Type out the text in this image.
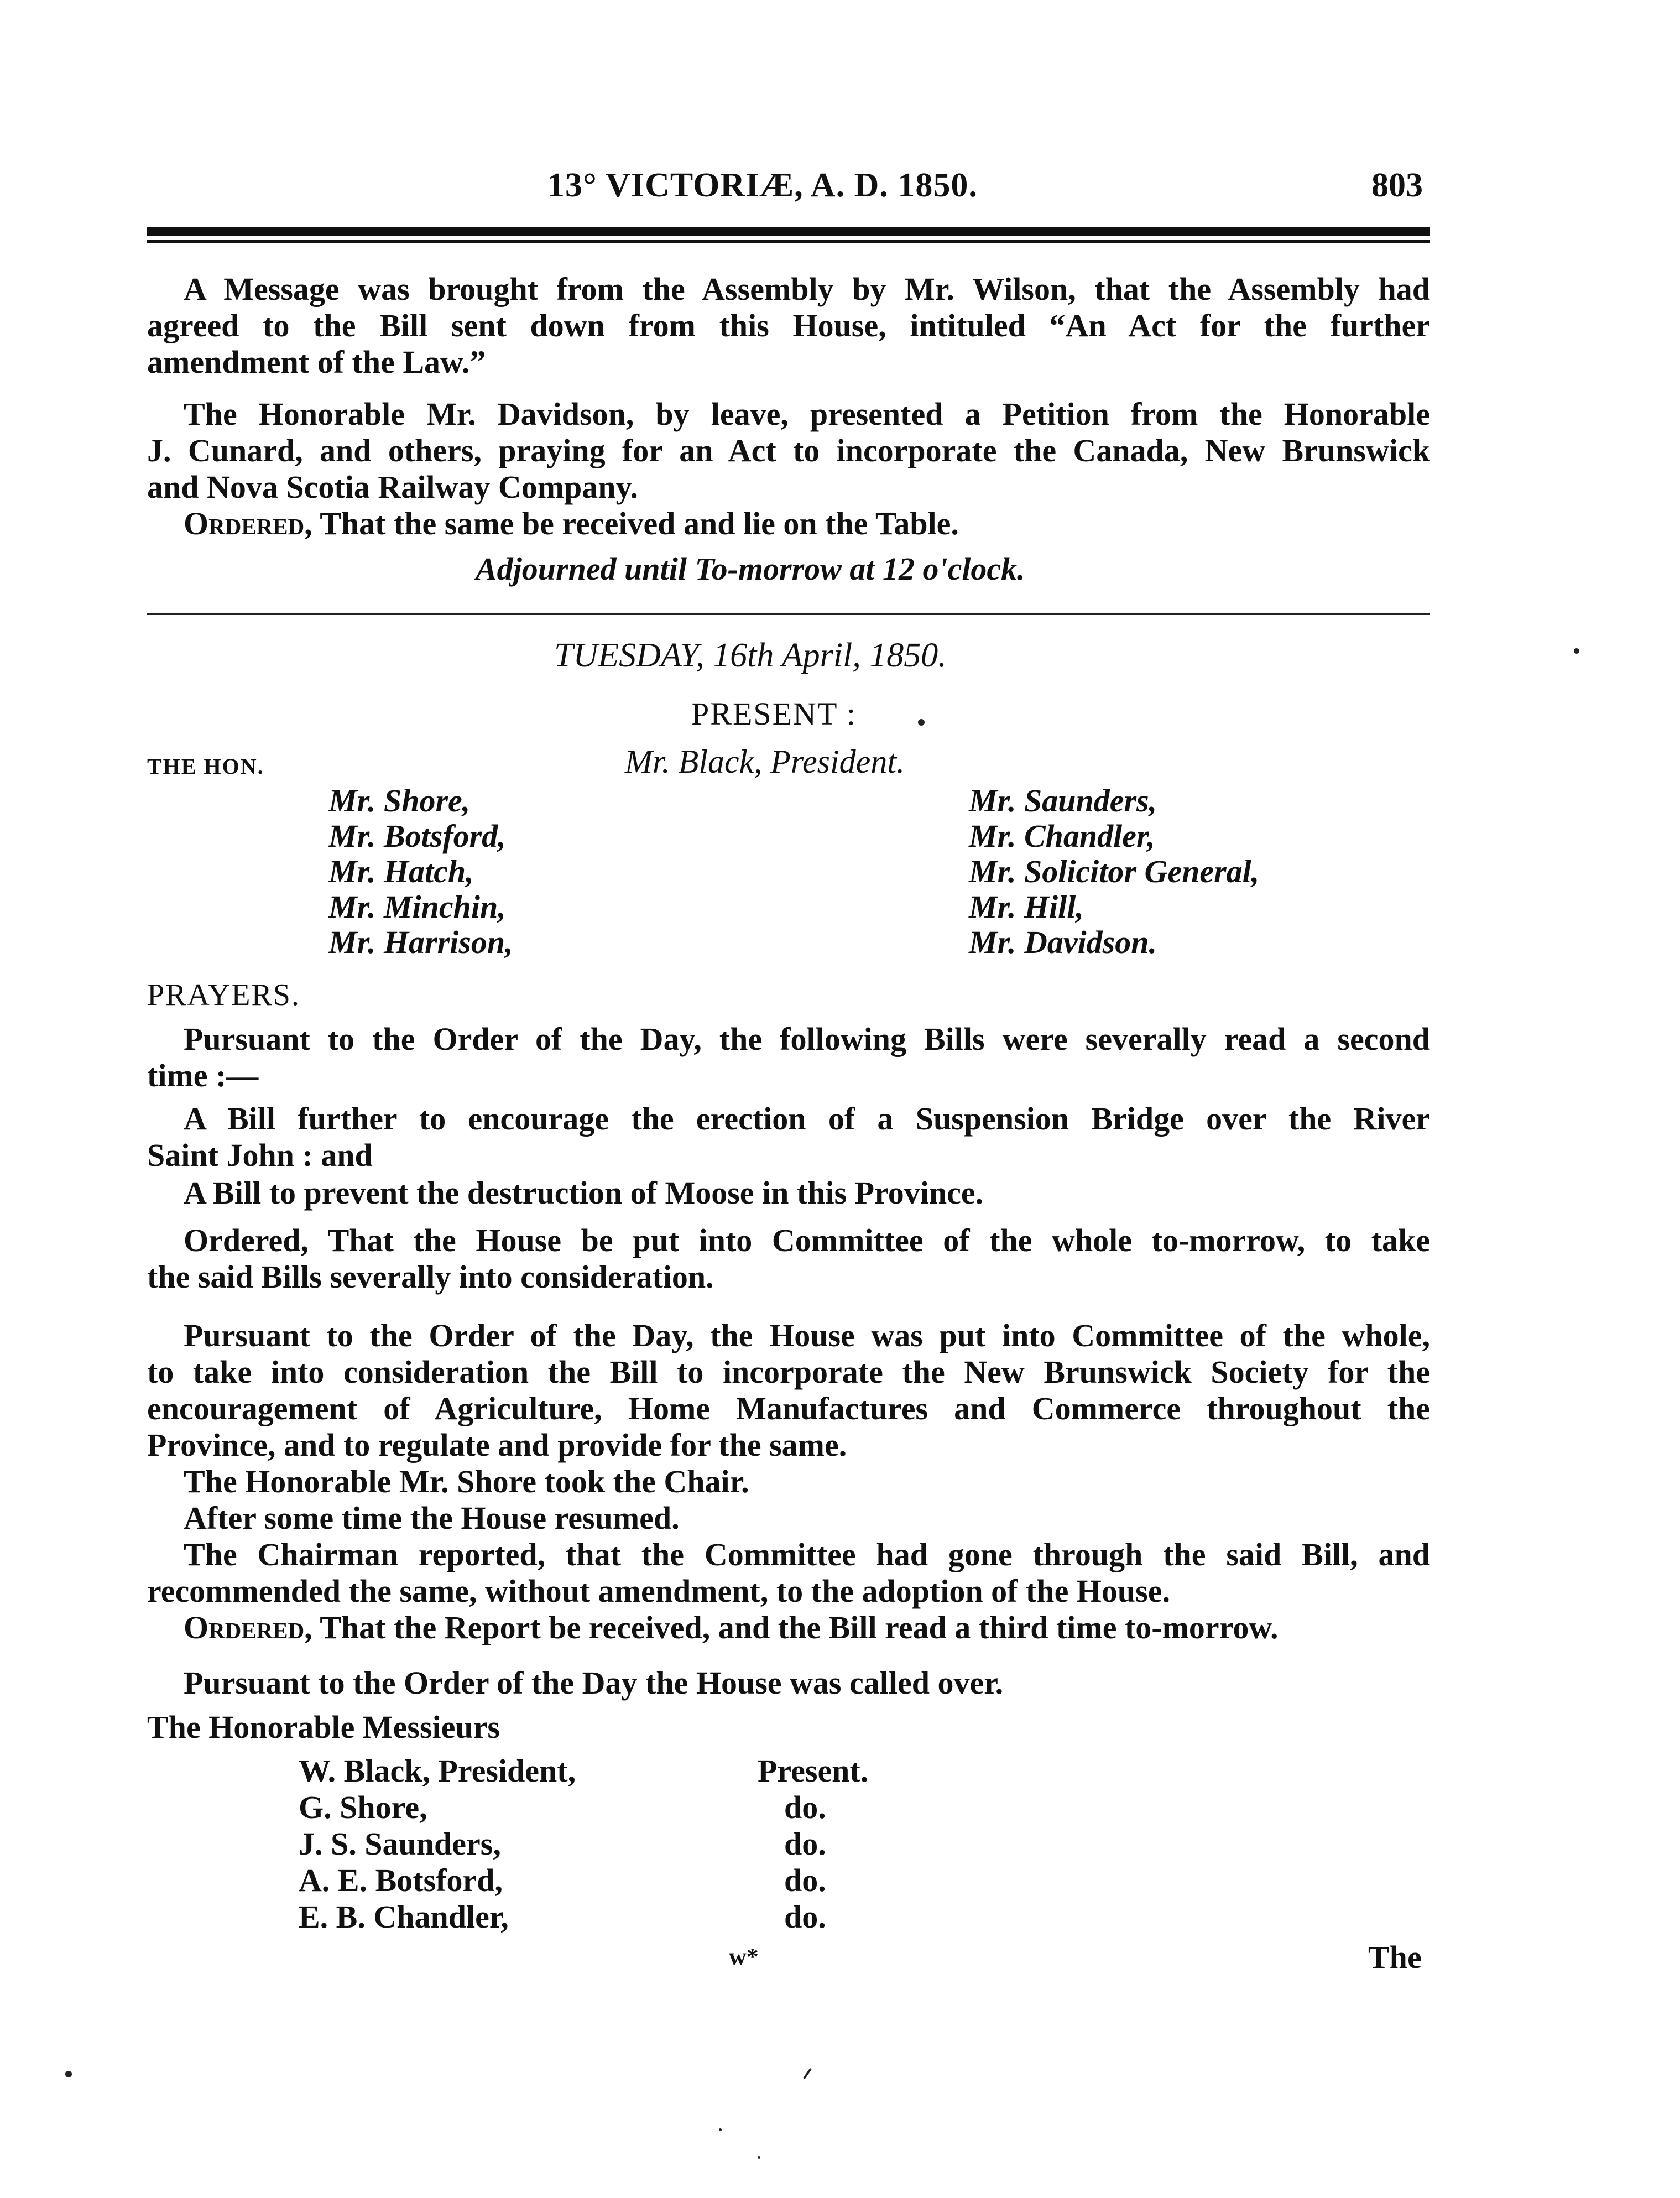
13° VICTORIÆ, A. D. 1850.	803
A Message was brought from the Assembly by Mr. Wilson, that the Assembly had
agreed to the Bill sent down from this House, intituled “An Act for the further
amendment of the Law.”
The Honorable Mr. Davidson, by leave, presented a Petition from the Honorable
J. Cunard, and others, praying for an Act to incorporate the Canada, New Brunswick
and Nova Scotia Railway Company.
Ordered, That the same be received and lie on the Table.
Adjourned until To-morrow at 12 o'clock.
TUESDAY, 16th April, 1850.
PRESENT :
THE HON.	Mr. Black, President.
Mr. Shore,
Mr. Botsford,
Mr. Hatch,
Mr. Minchin,
Mr. Harrison,
Mr. Saunders,
Mr. Chandler,
Mr. Solicitor General,
Mr. Hill,
Mr. Davidson.
PRAYERS.
Pursuant to the Order of the Day, the following Bills were severally read a second
time :—
A Bill further to encourage the erection of a Suspension Bridge over the River
Saint John : and
A Bill to prevent the destruction of Moose in this Province.
Ordered, That the House be put into Committee of the whole to-morrow, to take
the said Bills severally into consideration.
Pursuant to the Order of the Day, the House was put into Committee of the whole,
to take into consideration the Bill to incorporate the New Brunswick Society for the
encouragement of Agriculture, Home Manufactures and Commerce throughout the
Province, and to regulate and provide for the same.
The Honorable Mr. Shore took the Chair.
After some time the House resumed.
The Chairman reported, that the Committee had gone through the said Bill, and
recommended the same, without amendment, to the adoption of the House.
Ordered, That the Report be received, and the Bill read a third time to-morrow.
Pursuant to the Order of the Day the House was called over.
The Honorable Messieurs
W. Black, President,	Present.
G. Shore,	do.
J. S. Saunders,	do.
A. E. Botsford,	do.
E. B. Chandler,	do.
w*	The
